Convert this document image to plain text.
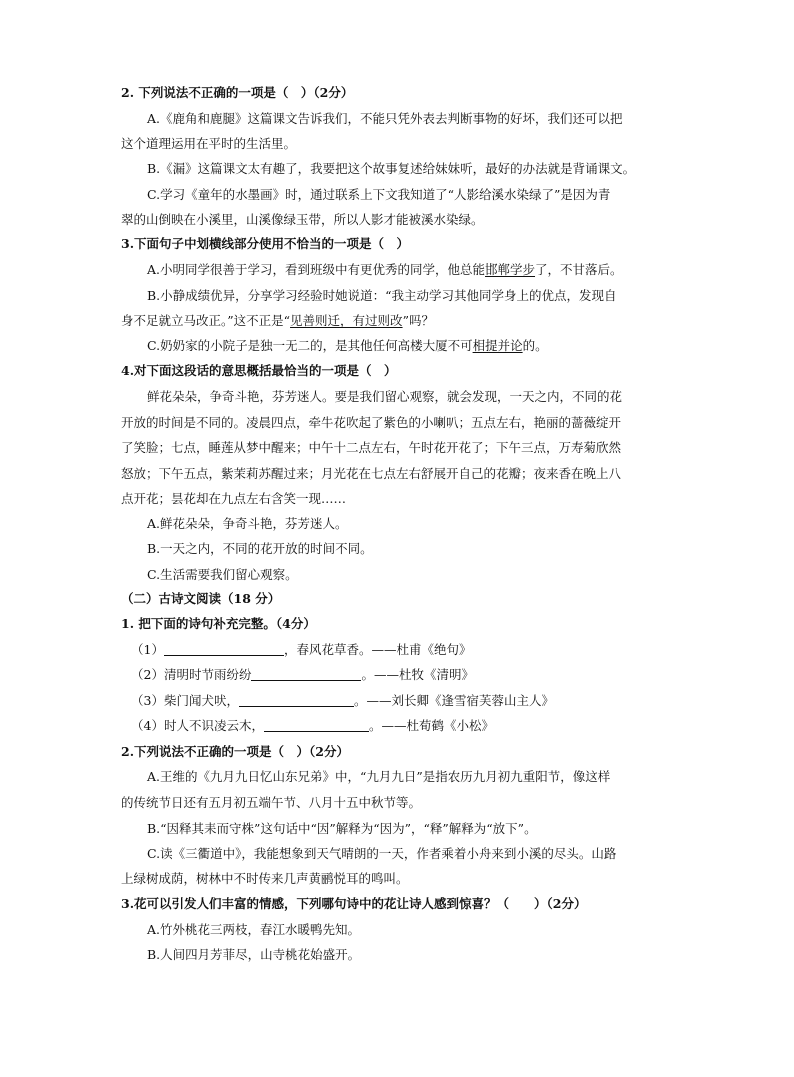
2. 下列说法不正确的一项是（　）（2分）
A.《鹿角和鹿腿》这篇课文告诉我们，不能只凭外表去判断事物的好坏，我们还可以把
这个道理运用在平时的生活里。
B.《漏》这篇课文太有趣了，我要把这个故事复述给妹妹听，最好的办法就是背诵课文。
C.学习《童年的水墨画》时，通过联系上下文我知道了“人影给溪水染绿了”是因为青
翠的山倒映在小溪里，山溪像绿玉带，所以人影才能被溪水染绿。
3.下面句子中划横线部分使用不恰当的一项是（　）
A.小明同学很善于学习，看到班级中有更优秀的同学，他总能邯郸学步了，不甘落后。
B.小静成绩优异，分享学习经验时她说道：“我主动学习其他同学身上的优点，发现自
身不足就立马改正。”这不正是“见善则迁，有过则改”吗？
C.奶奶家的小院子是独一无二的，是其他任何高楼大厦不可相提并论的。
4.对下面这段话的意思概括最恰当的一项是（　）
鲜花朵朵，争奇斗艳，芬芳迷人。要是我们留心观察，就会发现，一天之内，不同的花
开放的时间是不同的。凌晨四点，牵牛花吹起了紫色的小喇叭；五点左右，艳丽的蔷薇绽开
了笑脸；七点，睡莲从梦中醒来；中午十二点左右，午时花开花了；下午三点，万寿菊欣然
怒放；下午五点，紫茉莉苏醒过来；月光花在七点左右舒展开自己的花瓣；夜来香在晚上八
点开花；昙花却在九点左右含笑一现……
A.鲜花朵朵，争奇斗艳，芬芳迷人。
B.一天之内，不同的花开放的时间不同。
C.生活需要我们留心观察。
（二）古诗文阅读（18 分）
1. 把下面的诗句补充完整。（4分）
（1）	，春风花草香。——杜甫《绝句》
（2）清明时节雨纷纷	。——杜牧《清明》
（3）柴门闻犬吠，	。——刘长卿《逢雪宿芙蓉山主人》
（4）时人不识凌云木，	。——杜荀鹤《小松》
2.下列说法不正确的一项是（　）（2分）
A.王维的《九月九日忆山东兄弟》中，“九月九日”是指农历九月初九重阳节，像这样
的传统节日还有五月初五端午节、八月十五中秋节等。
B.“因释其耒而守株”这句话中“因”解释为“因为”，“释”解释为“放下”。
C.读《三衢道中》，我能想象到天气晴朗的一天，作者乘着小舟来到小溪的尽头。山路
上绿树成荫，树林中不时传来几声黄鹂悦耳的鸣叫。
3.花可以引发人们丰富的情感，下列哪句诗中的花让诗人感到惊喜？（　　）（2分）
A.竹外桃花三两枝，春江水暖鸭先知。
B.人间四月芳菲尽，山寺桃花始盛开。
